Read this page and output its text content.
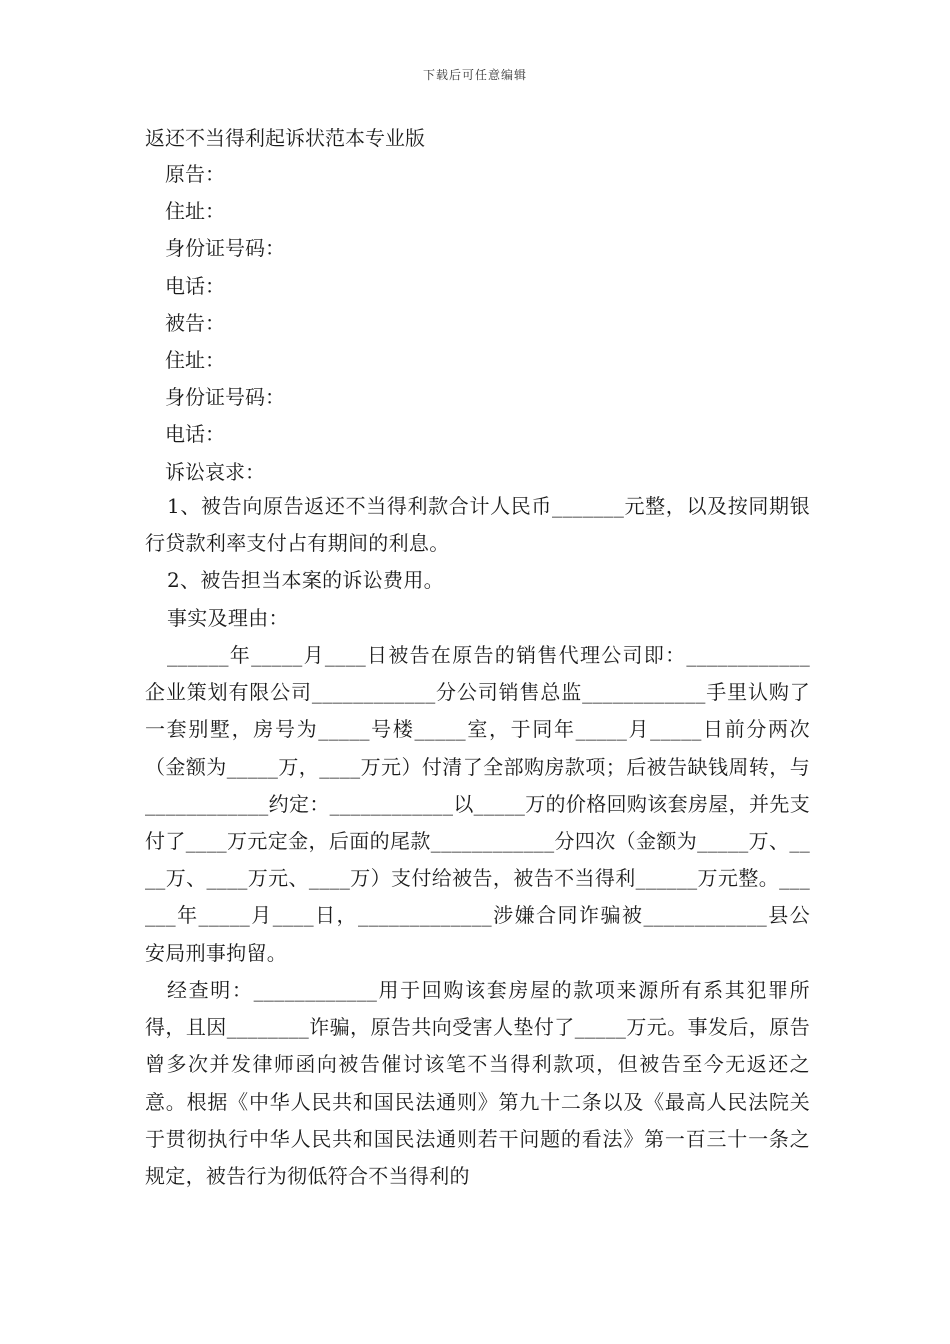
下载后可任意编辑
返还不当得利起诉状范本专业版
原告：
住址：
身份证号码：
电话：
被告：
住址：
身份证号码：
电话：
诉讼哀求：

1、被告向原告返还不当得利款合计人民币_______元整，以及按同期银行贷款利率支付占有期间的利息。

2、被告担当本案的诉讼费用。

事实及理由：

______年_____月____日被告在原告的销售代理公司即：____________企业策划有限公司____________分公司销售总监____________手里认购了一套别墅，房号为_____号楼_____室，于同年_____月_____日前分两次（金额为_____万，____万元）付清了全部购房款项；后被告缺钱周转，与____________约定：____________以_____万的价格回购该套房屋，并先支付了____万元定金，后面的尾款____________分四次（金额为_____万、____万、____万元、____万）支付给被告，被告不当得利______万元整。______年_____月____日，_____________涉嫌合同诈骗被____________县公安局刑事拘留。

经查明：____________用于回购该套房屋的款项来源所有系其犯罪所得，且因________诈骗，原告共向受害人垫付了_____万元。事发后，原告曾多次并发律师函向被告催讨该笔不当得利款项，但被告至今无返还之意。根据《中华人民共和国民法通则》第九十二条以及《最高人民法院关于贯彻执行中华人民共和国民法通则若干问题的看法》第一百三十一条之规定，被告行为彻低符合不当得利的
